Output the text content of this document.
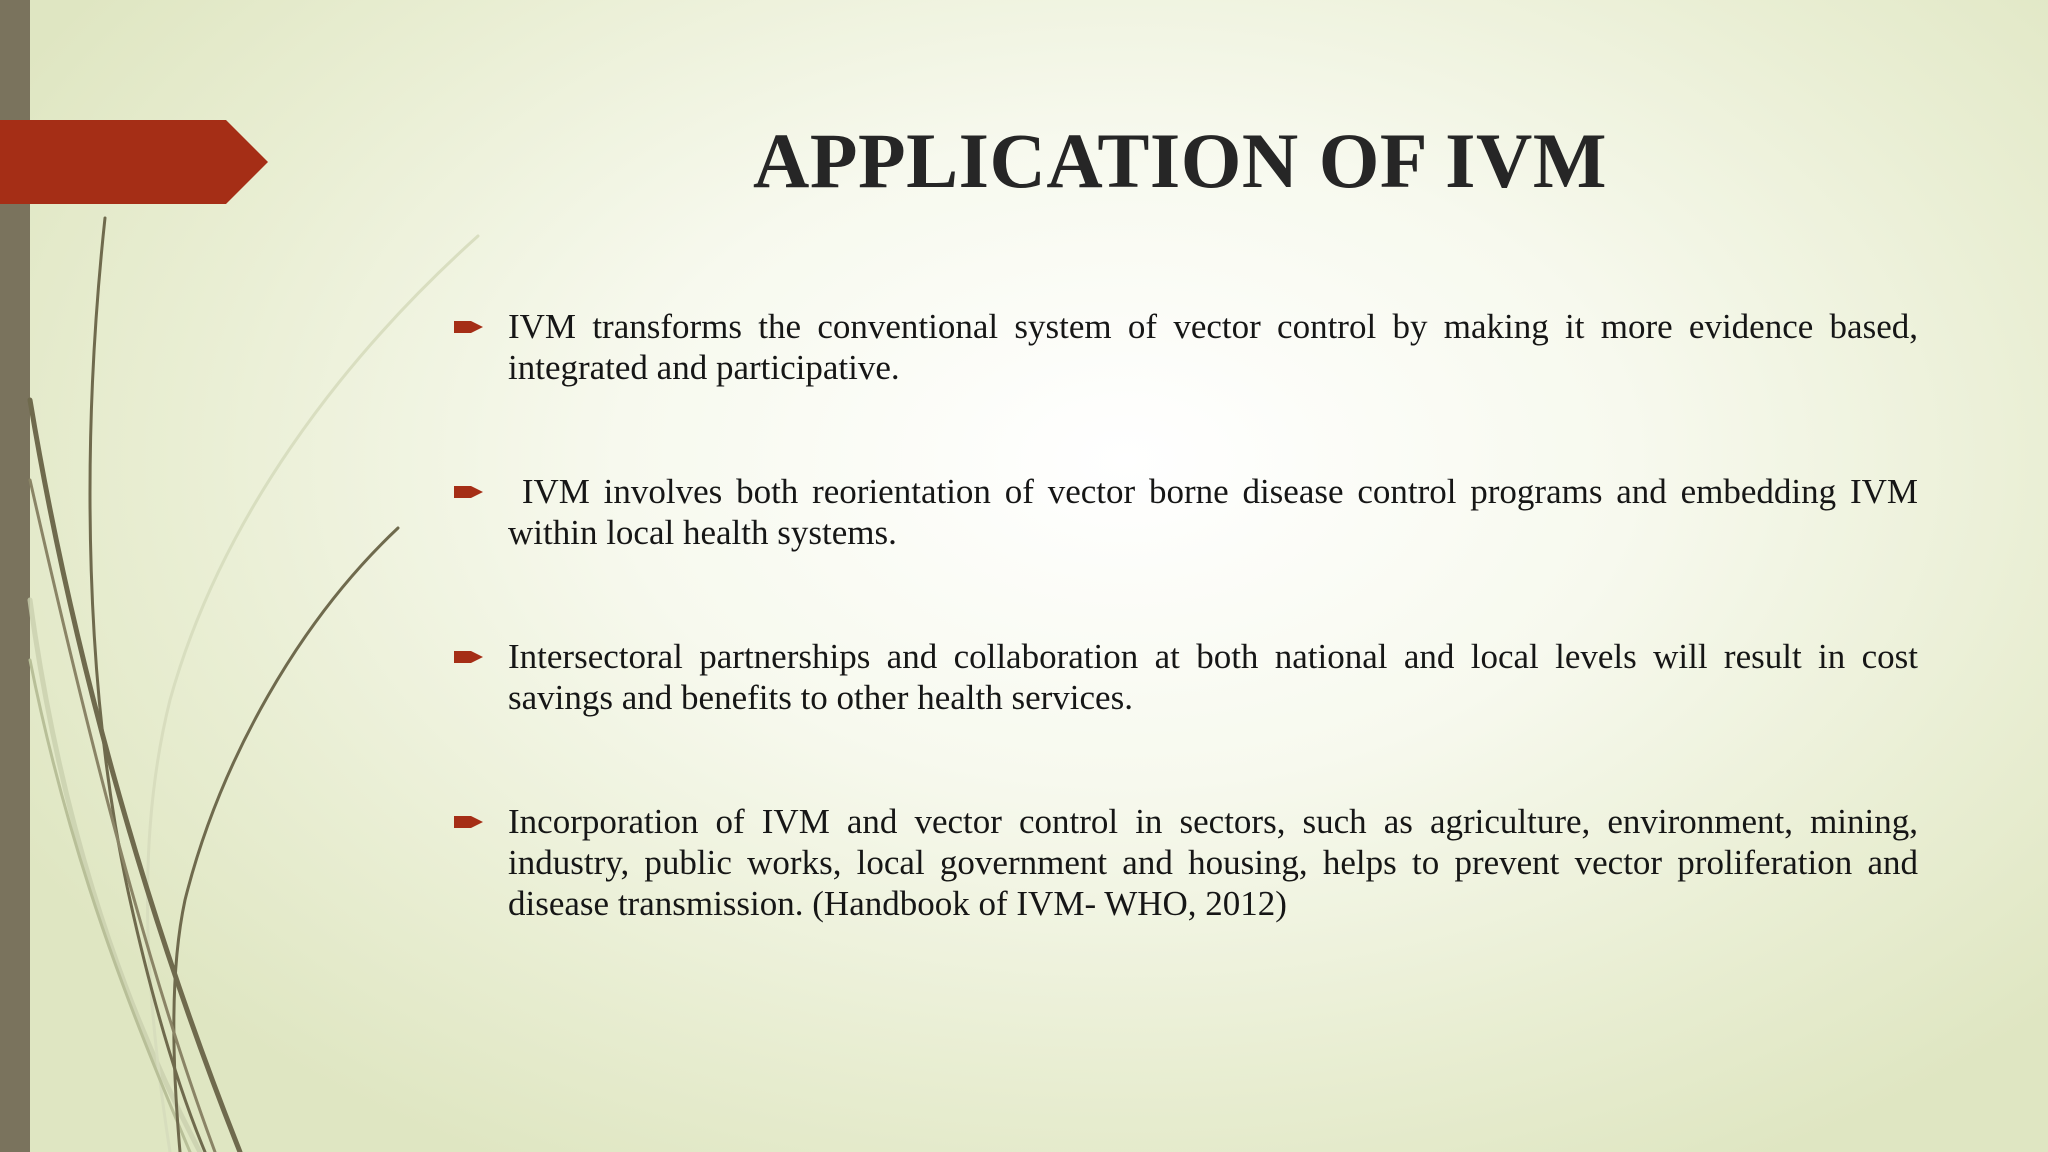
APPLICATION OF IVM
IVM transforms the conventional system of vector control by making it more evidence based, integrated and participative.
IVM involves both reorientation of vector borne disease control programs and embedding IVM within local health systems.
Intersectoral partnerships and collaboration at both national and local levels will result in cost savings and benefits to other health services.
Incorporation of IVM and vector control in sectors, such as agriculture, environment, mining, industry, public works, local government and housing, helps to prevent vector proliferation and disease transmission. (Handbook of IVM- WHO, 2012)
